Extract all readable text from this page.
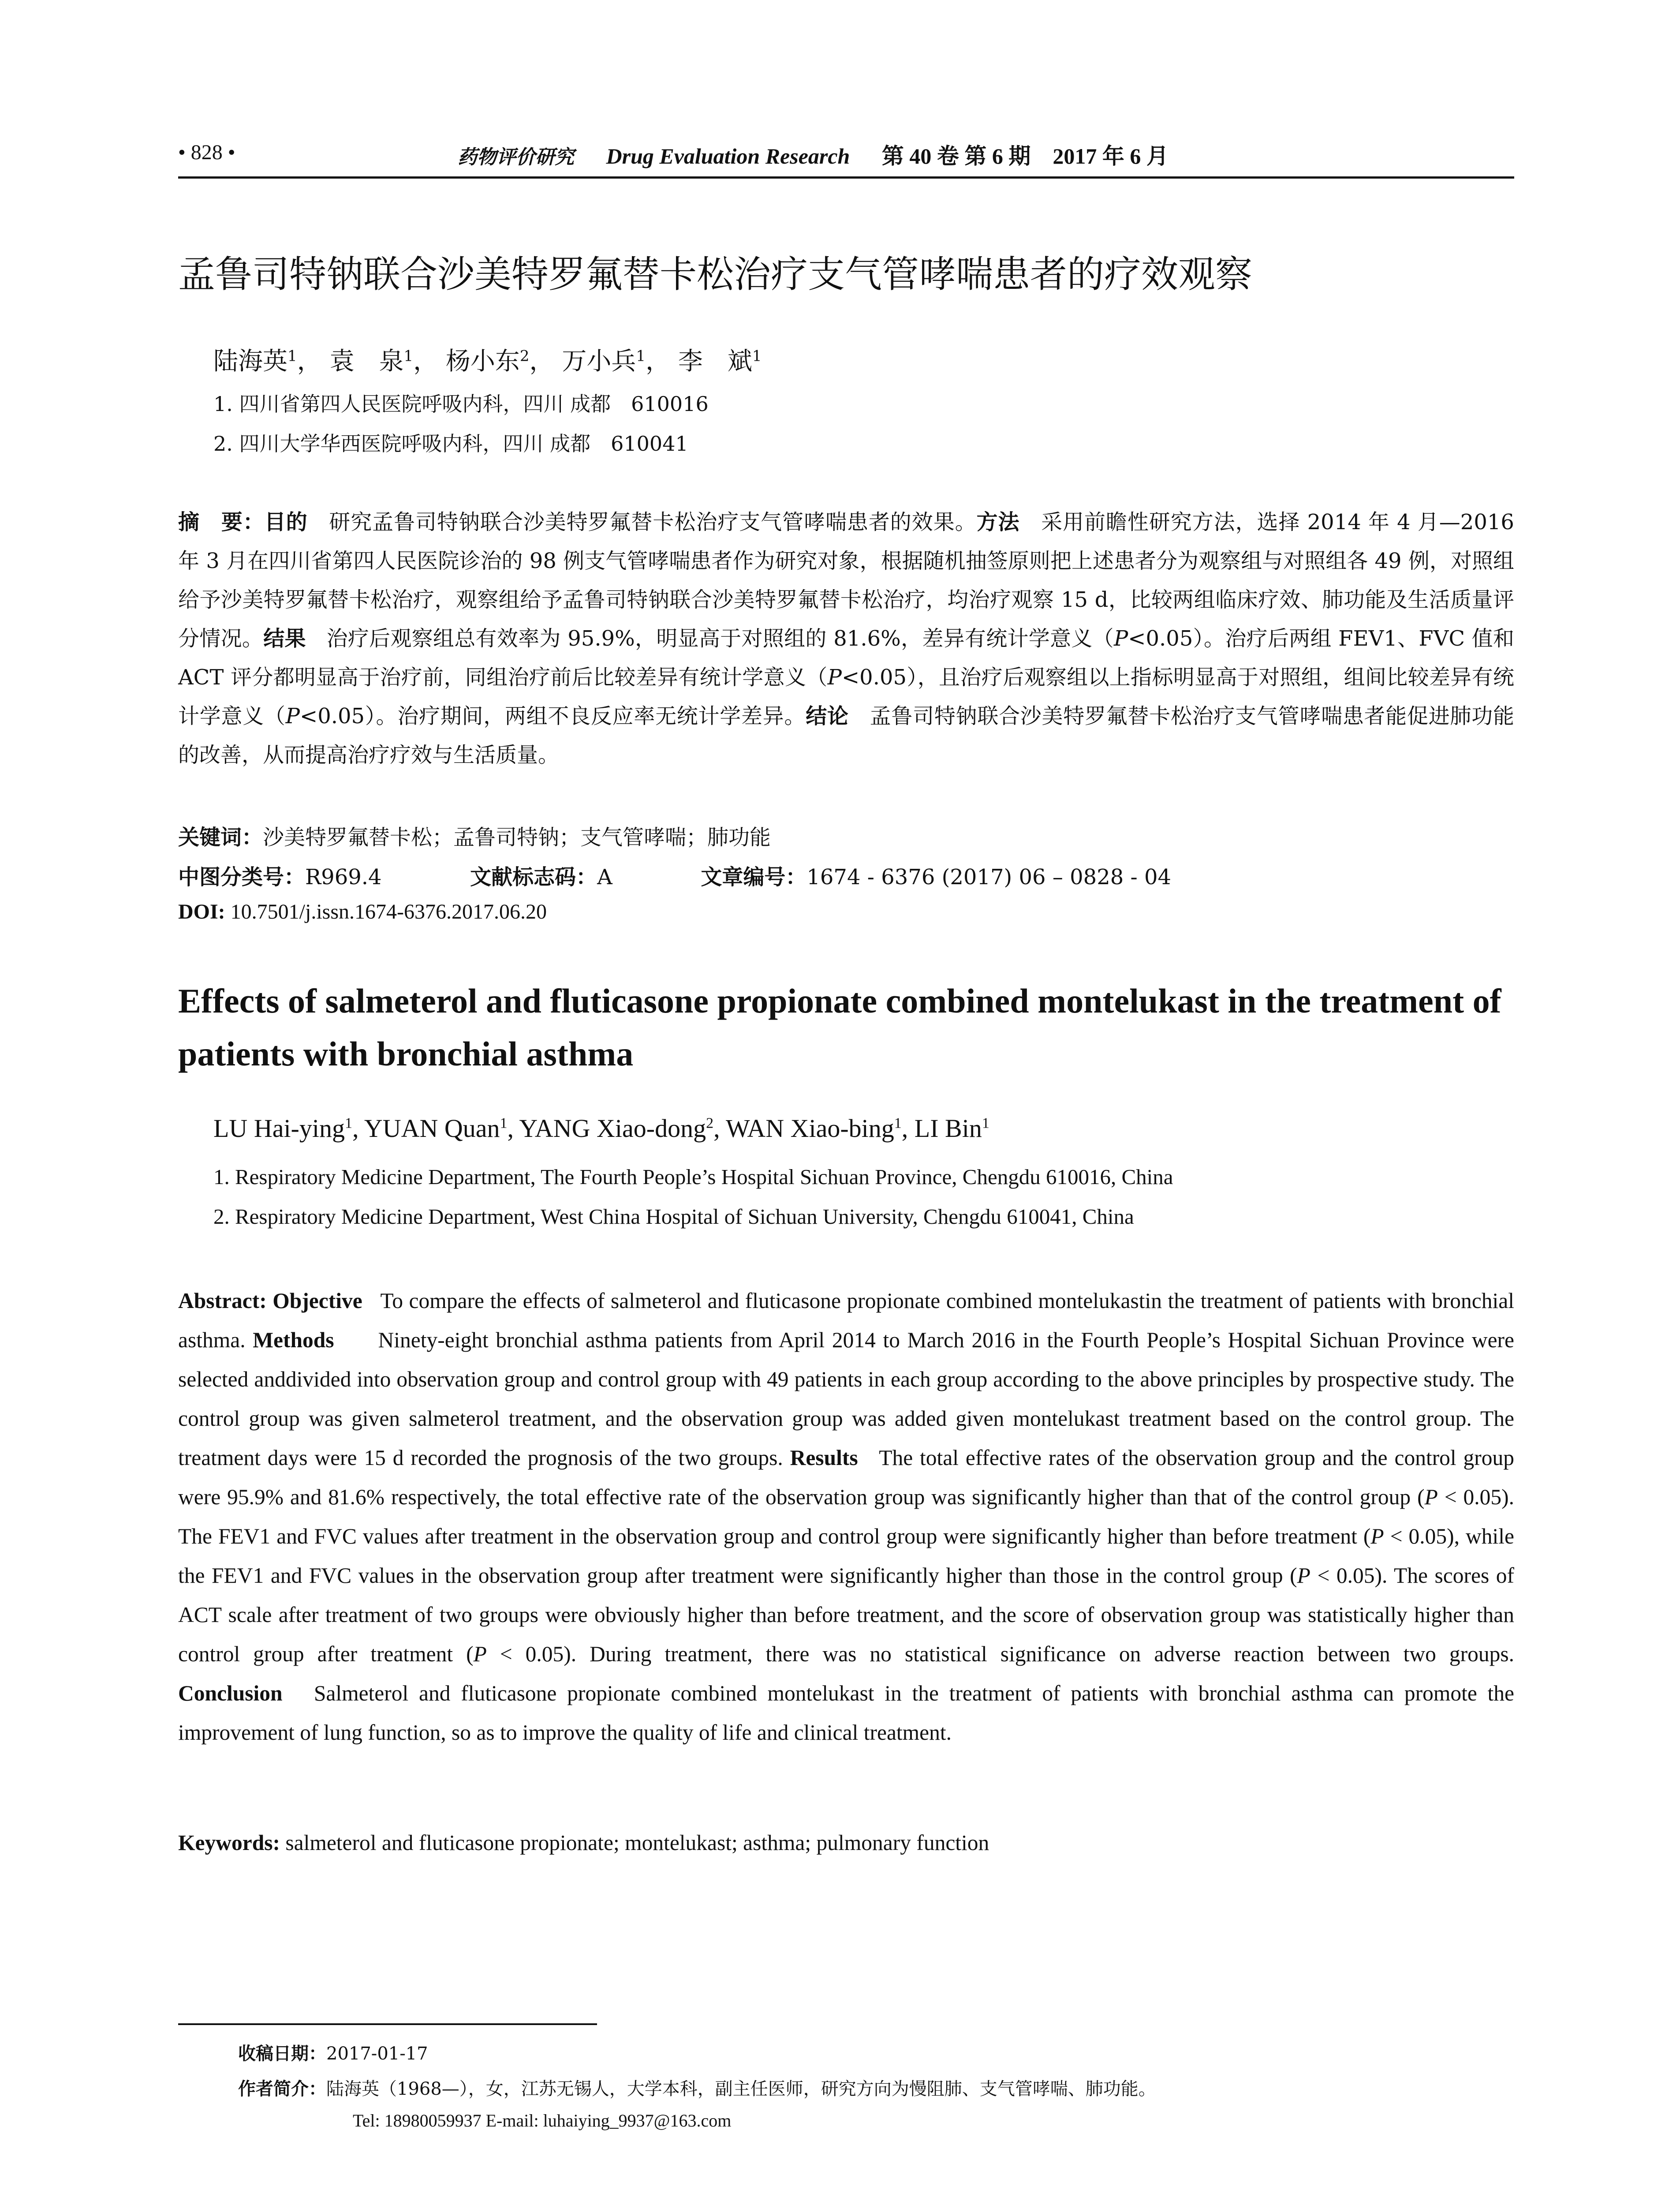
• 828 •	药物评价研究 Drug Evaluation Research 第 40 卷 第 6 期　2017 年 6 月
孟鲁司特钠联合沙美特罗氟替卡松治疗支气管哮喘患者的疗效观察
陆海英$^1$， 袁　泉$^1$， 杨小东$^2$， 万小兵$^1$， 李　斌$^1$
1. 四川省第四人民医院呼吸内科，四川 成都　610016
2. 四川大学华西医院呼吸内科，四川 成都　610041
摘　要：目的 研究孟鲁司特钠联合沙美特罗氟替卡松治疗支气管哮喘患者的效果。方法 采用前瞻性研究方法，选择 2014 年 4 月—2016 年 3 月在四川省第四人民医院诊治的 98 例支气管哮喘患者作为研究对象，根据随机抽签原则把上述患者分为观察组与对照组各 49 例，对照组给予沙美特罗氟替卡松治疗，观察组给予孟鲁司特钠联合沙美特罗氟替卡松治疗，均治疗观察 15 d，比较两组临床疗效、肺功能及生活质量评分情况。结果 治疗后观察组总有效率为 95.9%，明显高于对照组的 81.6%，差异有统计学意义（P<0.05）。治疗后两组 FEV1、FVC 值和 ACT 评分都明显高于治疗前，同组治疗前后比较差异有统计学意义（P<0.05），且治疗后观察组以上指标明显高于对照组，组间比较差异有统计学意义（P<0.05）。治疗期间，两组不良反应率无统计学差异。结论 孟鲁司特钠联合沙美特罗氟替卡松治疗支气管哮喘患者能促进肺功能的改善，从而提高治疗疗效与生活质量。
关键词：沙美特罗氟替卡松；孟鲁司特钠；支气管哮喘；肺功能
中图分类号：R969.4	文献标志码：A	文章编号：1674 - 6376 (2017) 06 – 0828 - 04
DOI: 10.7501/j.issn.1674-6376.2017.06.20
Effects of salmeterol and fluticasone propionate combined montelukast in the treatment of patients with bronchial asthma
LU Hai-ying$^1$, YUAN Quan$^1$, YANG Xiao-dong$^2$, WAN Xiao-bing$^1$, LI Bin$^1$
1. Respiratory Medicine Department, The Fourth People’s Hospital Sichuan Province, Chengdu 610016, China
2. Respiratory Medicine Department, West China Hospital of Sichuan University, Chengdu 610041, China
Abstract: Objective To compare the effects of salmeterol and fluticasone propionate combined montelukastin the treatment of patients with bronchial asthma. Methods Ninety-eight bronchial asthma patients from April 2014 to March 2016 in the Fourth People’s Hospital Sichuan Province were selected anddivided into observation group and control group with 49 patients in each group according to the above principles by prospective study. The control group was given salmeterol treatment, and the observation group was added given montelukast treatment based on the control group. The treatment days were 15 d recorded the prognosis of the two groups. Results The total effective rates of the observation group and the control group were 95.9% and 81.6% respectively, the total effective rate of the observation group was significantly higher than that of the control group (P < 0.05). The FEV1 and FVC values after treatment in the observation group and control group were significantly higher than before treatment (P < 0.05), while the FEV1 and FVC values in the observation group after treatment were significantly higher than those in the control group (P < 0.05). The scores of ACT scale after treatment of two groups were obviously higher than before treatment, and the score of observation group was statistically higher than control group after treatment (P < 0.05). During treatment, there was no statistical significance on adverse reaction between two groups. Conclusion Salmeterol and fluticasone propionate combined montelukast in the treatment of patients with bronchial asthma can promote the improvement of lung function, so as to improve the quality of life and clinical treatment.
Keywords: salmeterol and fluticasone propionate; montelukast; asthma; pulmonary function
收稿日期：2017-01-17
作者简介：陆海英（1968—），女，江苏无锡人，大学本科，副主任医师，研究方向为慢阻肺、支气管哮喘、肺功能。
Tel: 18980059937 E-mail: luhaiying_9937@163.com
